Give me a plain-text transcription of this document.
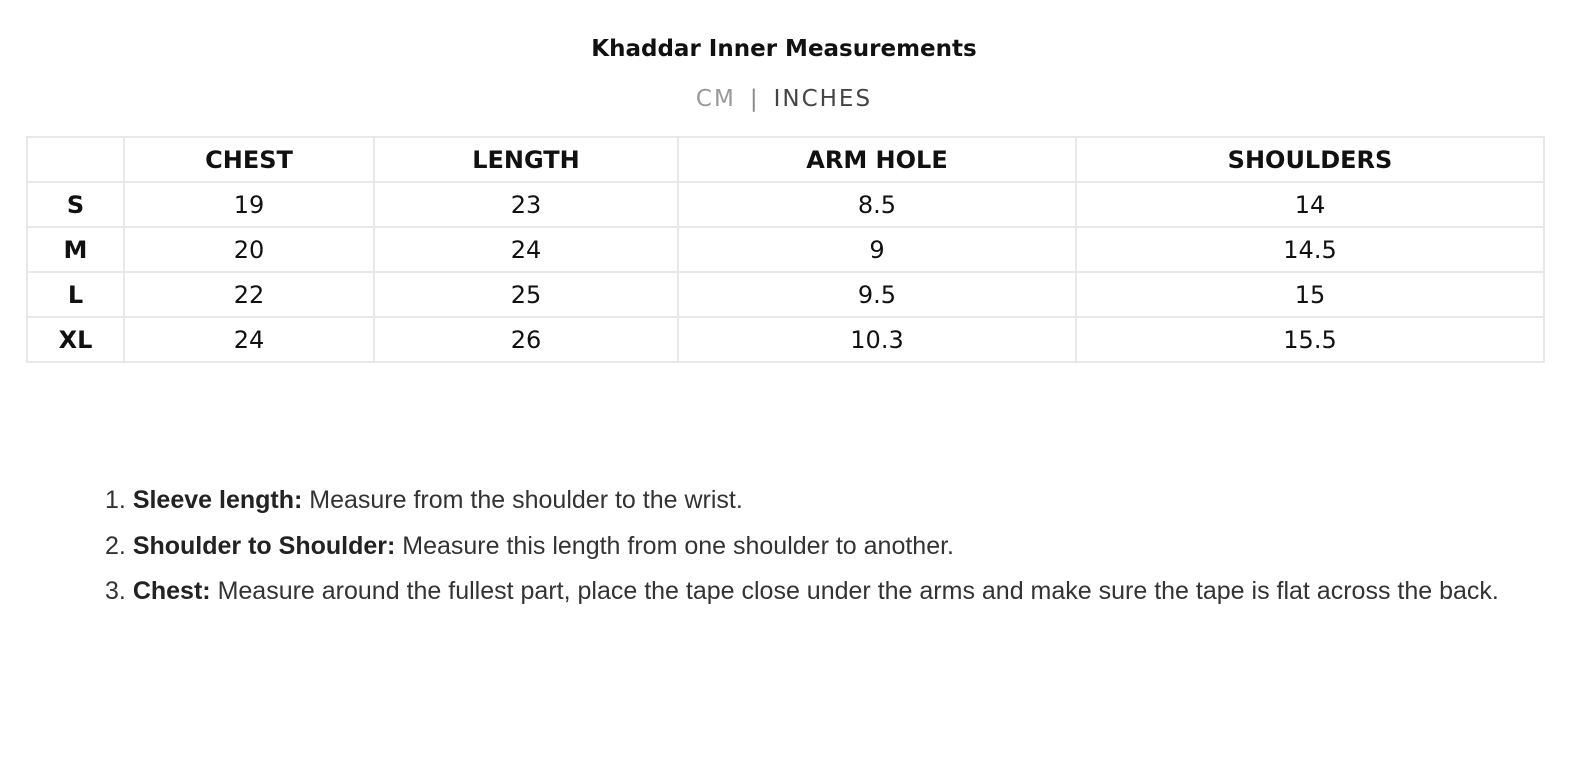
Khaddar Inner Measurements
CM | INCHES
	CHEST	LENGTH	ARM HOLE	SHOULDERS
S	19	23	8.5	14
M	20	24	9	14.5
L	22	25	9.5	15
XL	24	26	10.3	15.5
1. Sleeve length: Measure from the shoulder to the wrist.
2. Shoulder to Shoulder: Measure this length from one shoulder to another.
3. Chest: Measure around the fullest part, place the tape close under the arms and make sure the tape is flat across the back.
